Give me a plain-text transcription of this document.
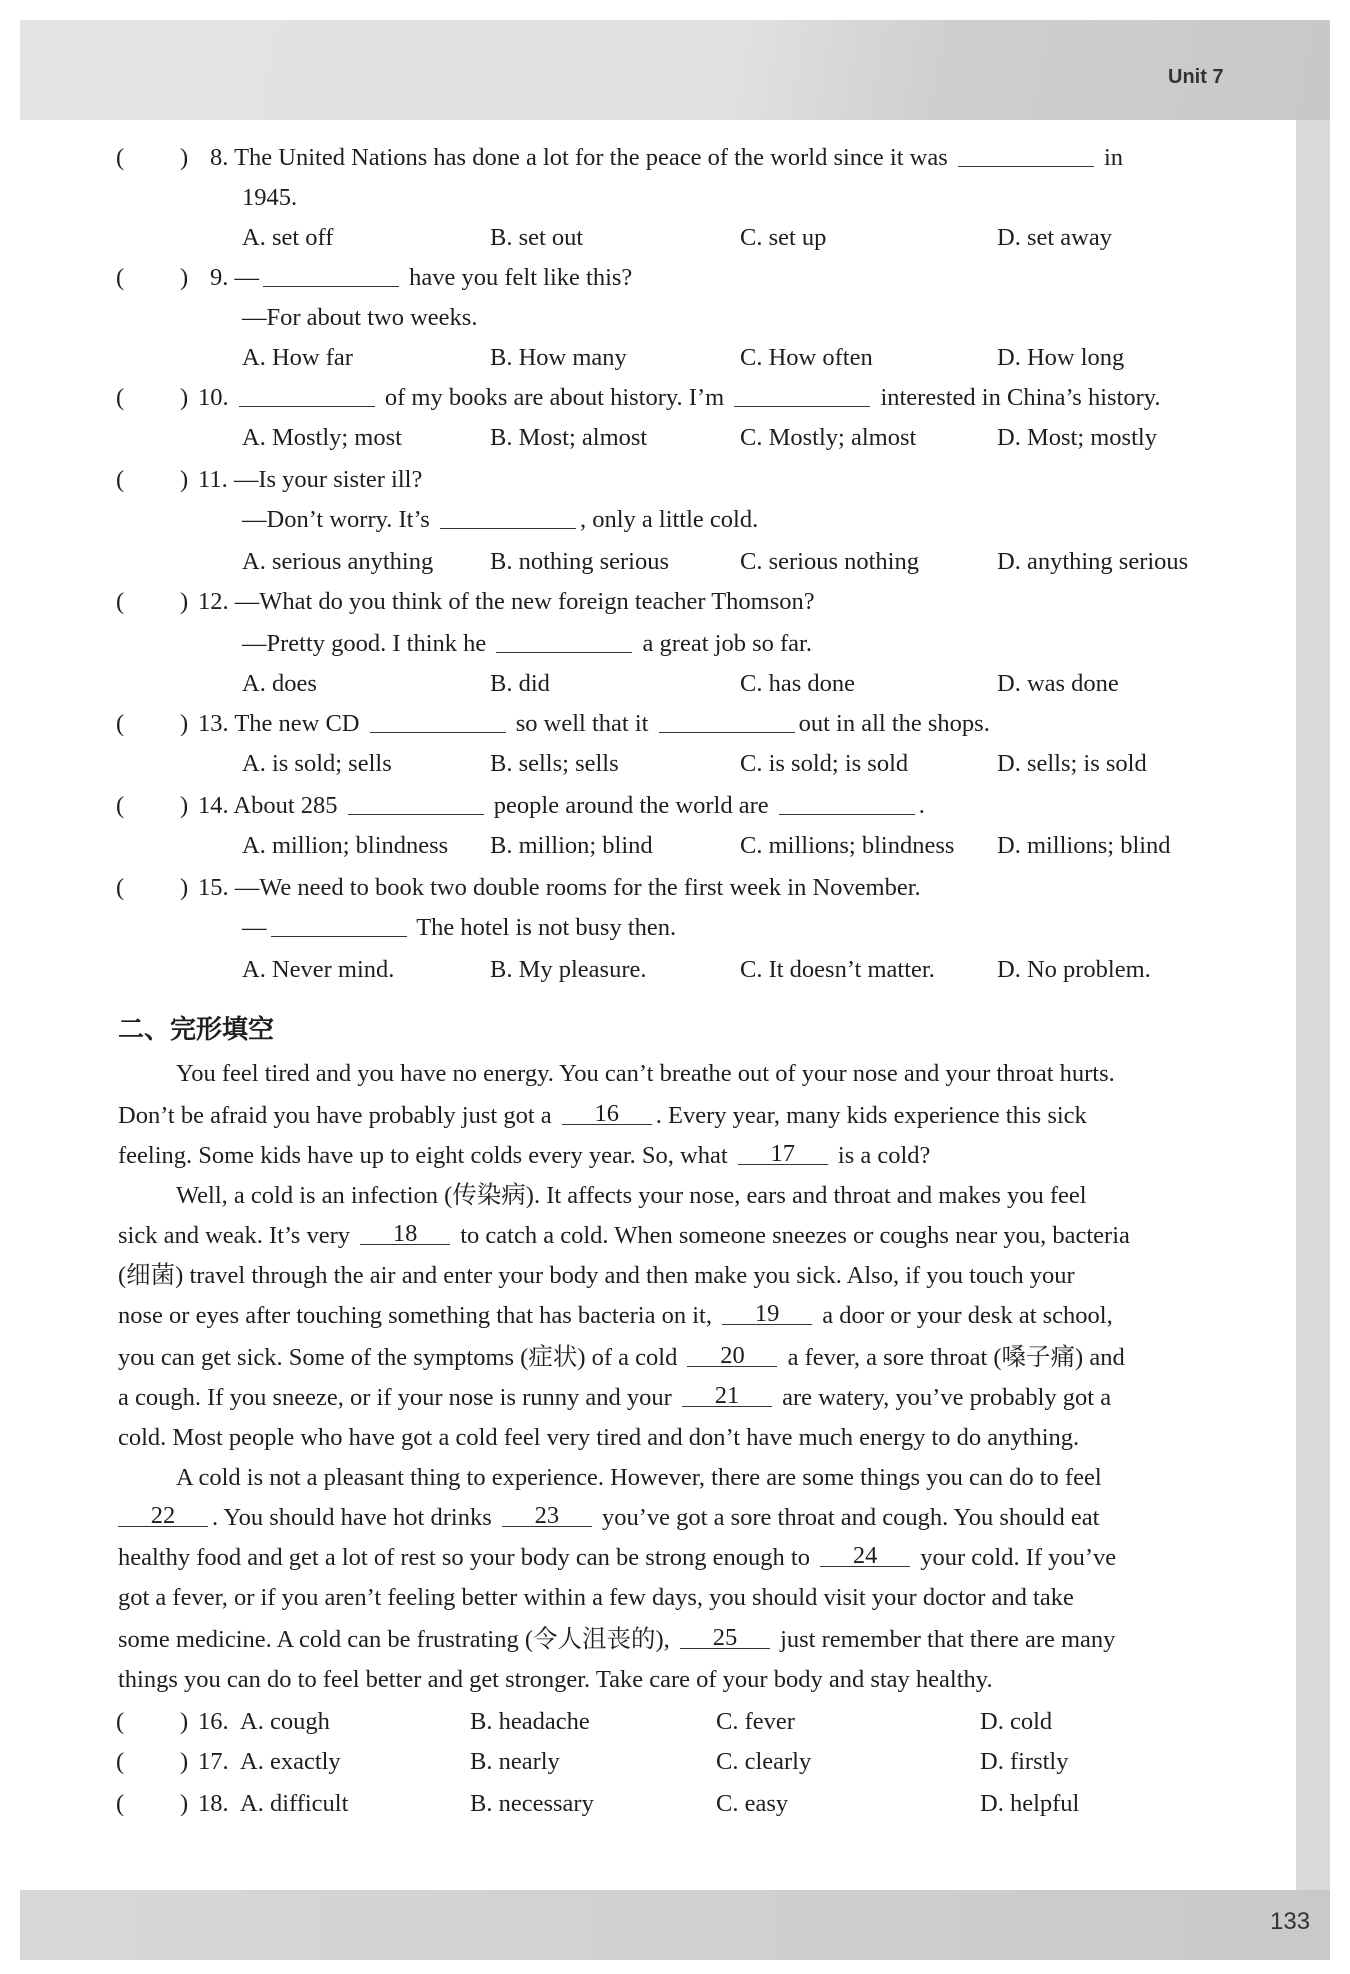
Unit 7
133
( ) 8. The United Nations has done a lot for the peace of the world since it was	in
1945.
A. set off	B. set out	C. set up	D. set away
( ) 9. —	have you felt like this?
—For about two weeks.
A. How far	B. How many	C. How often	D. How long
( ) 10.	of my books are about history. I’m	interested in China’s history.
A. Mostly; most	B. Most; almost	C. Mostly; almost	D. Most; mostly
( ) 11. —Is your sister ill?
—Don’t worry. It’s	, only a little cold.
A. serious anything B. nothing serious	C. serious nothing	D. anything serious
( ) 12. —What do you think of the new foreign teacher Thomson?
—Pretty good. I think he	a great job so far.
A. does	B. did	C. has done	D. was done
( ) 13. The new CD	so well that it	out in all the shops.
A. is sold; sells	B. sells; sells	C. is sold; is sold	D. sells; is sold
( ) 14. About 285	people around the world are	.
A. million; blindness B. million; blind	C. millions; blindness D. millions; blind
( ) 15. —We need to book two double rooms for the first week in November.
—	The hotel is not busy then.
A. Never mind.	B. My pleasure.	C. It doesn’t matter.	D. No problem.
二、完形填空
You feel tired and you have no energy. You can’t breathe out of your nose and your throat hurts.
Don’t be afraid you have probably just got a 16 . Every year, many kids experience this sick
feeling. Some kids have up to eight colds every year. So, what 17 is a cold?
Well, a cold is an infection (传染病). It affects your nose, ears and throat and makes you feel
sick and weak. It’s very 18 to catch a cold. When someone sneezes or coughs near you, bacteria
(细菌) travel through the air and enter your body and then make you sick. Also, if you touch your
nose or eyes after touching something that has bacteria on it, 19 a door or your desk at school,
you can get sick. Some of the symptoms (症状) of a cold 20 a fever, a sore throat (嗓子痛) and
a cough. If you sneeze, or if your nose is runny and your 21 are watery, you’ve probably got a
cold. Most people who have got a cold feel very tired and don’t have much energy to do anything.
A cold is not a pleasant thing to experience. However, there are some things you can do to feel
22 . You should have hot drinks 23 you’ve got a sore throat and cough. You should eat
healthy food and get a lot of rest so your body can be strong enough to 24 your cold. If you’ve
got a fever, or if you aren’t feeling better within a few days, you should visit your doctor and take
some medicine. A cold can be frustrating (令人沮丧的), 25 just remember that there are many
things you can do to feel better and get stronger. Take care of your body and stay healthy.
( ) 16. A. cough	B. headache	C. fever	D. cold
( ) 17. A. exactly	B. nearly	C. clearly	D. firstly
( ) 18. A. difficult	B. necessary	C. easy	D. helpful
